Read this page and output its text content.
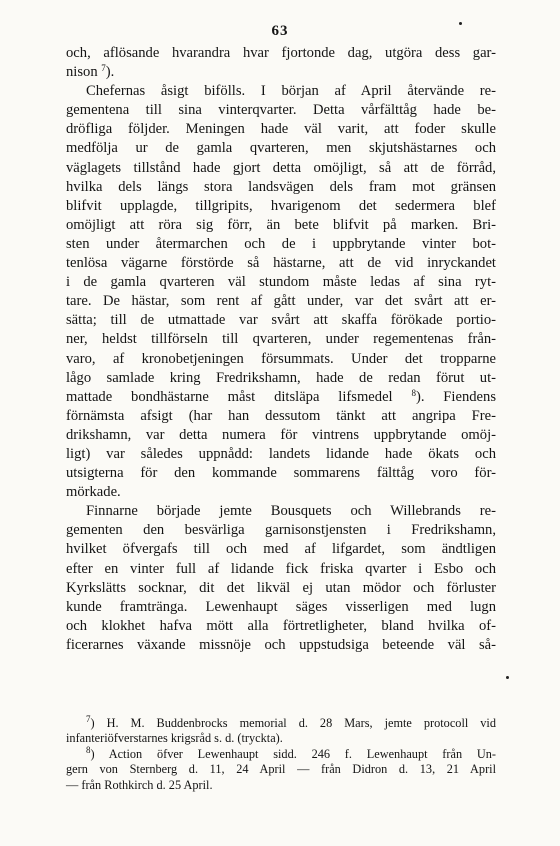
63

och, aflösande hvarandra hvar fjortonde dag, utgöra dess gar-
nison $^7$).

Chefernas åsigt bifölls. I början af April återvände re-
gementena till sina vinterqvarter. Detta vårfälttåg hade be-
dröfliga följder. Meningen hade väl varit, att foder skulle
medfölja ur de gamla qvarteren, men skjutshästarnes och
väglagets tillstånd hade gjort detta omöjligt, så att de förråd,
hvilka dels längs stora landsvägen dels fram mot gränsen
blifvit upplagde, tillgripits, hvarigenom det sedermera blef
omöjligt att röra sig förr, än bete blifvit på marken. Bri-
sten under återmarchen och de i uppbrytande vinter bot-
tenlösa vägarne förstörde så hästarne, att de vid inryckandet
i de gamla qvarteren väl stundom måste ledas af sina ryt-
tare. De hästar, som rent af gått under, var det svårt att er-
sätta; till de utmattade var svårt att skaffa förökade portio-
ner, heldst tillförseln till qvarteren, under regementenas från-
varo, af kronobetjeningen försummats. Under det tropparne
lågo samlade kring Fredrikshamn, hade de redan förut ut-
mattade bondhästarne måst ditsläpa lifsmedel $^8$). Fiendens
förnämsta afsigt (har han dessutom tänkt att angripa Fre-
drikshamn, var detta numera för vintrens uppbrytande omöj-
ligt) var således uppnådd: landets lidande hade ökats och
utsigterna för den kommande sommarens fälttåg voro för-
mörkade.

Finnarne började jemte Bousquets och Willebrands re-
gementen den besvärliga garnisonstjensten i Fredrikshamn,
hvilket öfvergafs till och med af lifgardet, som ändtligen
efter en vinter full af lidande fick friska qvarter i Esbo och
Kyrkslätts socknar, dit det likväl ej utan mödor och förluster
kunde framtränga. Lewenhaupt säges visserligen med lugn
och klokhet hafva mött alla förtretligheter, bland hvilka of-
ficerarnes växande missnöje och uppstudsiga beteende väl så-

$^7$) H. M. Buddenbrocks memorial d. 28 Mars, jemte protocoll vid
infanteriöfverstarnes krigsråd s. d. (tryckta).

$^8$) Action öfver Lewenhaupt sidd. 246 f. Lewenhaupt från Un-
gern von Sternberg d. 11, 24 April — från Didron d. 13, 21 April
— från Rothkirch d. 25 April.
